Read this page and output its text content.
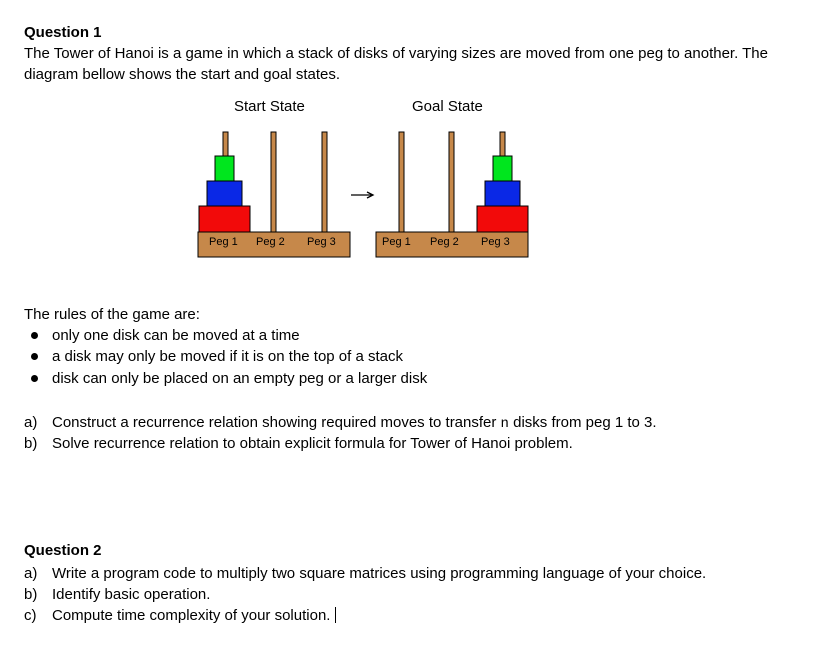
Question 1
The Tower of Hanoi is a game in which a stack of disks of varying sizes are moved from one peg to another. The
diagram bellow shows the start and goal states.
Start State	Goal State
Peg 1 Peg 2 Peg 3	Peg 1 Peg 2 Peg 3
The rules of the game are:
only one disk can be moved at a time
a disk may only be moved if it is on the top of a stack
disk can only be placed on an empty peg or a larger disk
a) Construct a recurrence relation showing required moves to transfer n disks from peg 1 to 3.
b) Solve recurrence relation to obtain explicit formula for Tower of Hanoi problem.
Question 2
a) Write a program code to multiply two square matrices using programming language of your choice.
b) Identify basic operation.
c) Compute time complexity of your solution.
